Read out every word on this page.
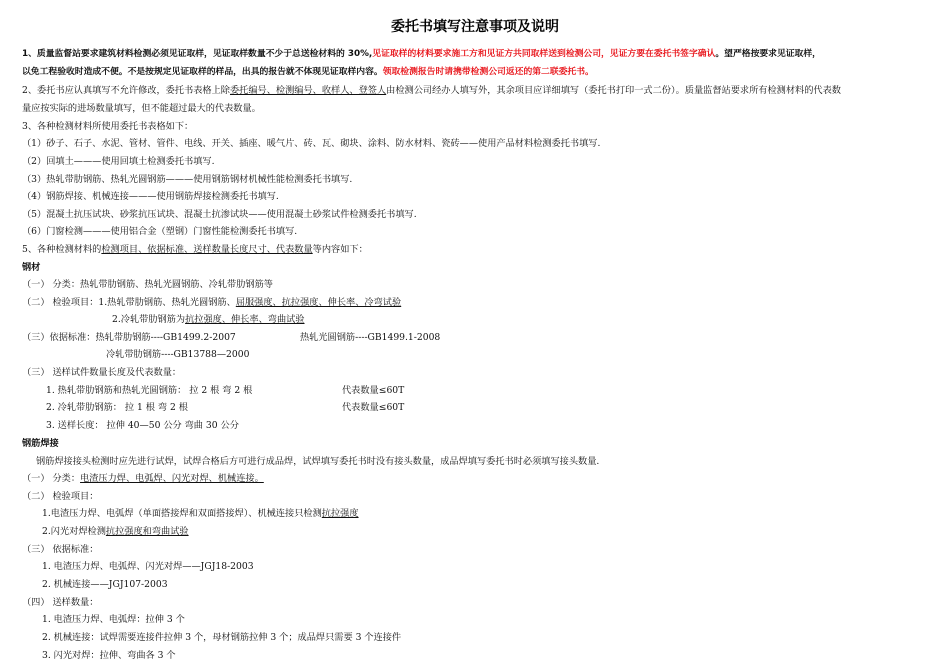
委托书填写注意事项及说明
1、质量监督站要求建筑材料检测必须见证取样，见证取样数量不少于总送检材料的 30%,见证取样的材料要求施工方和见证方共同取样送到检测公司，见证方要在委托书签字确认。望严格按要求见证取样，
以免工程验收时造成不便。不是按规定见证取样的样品，出具的报告就不体现见证取样内容。领取检测报告时请携带检测公司返还的第二联委托书。
2、委托书应认真填写不允许修改，委托书表格上除委托编号、检测编号、收样人、登签人由检测公司经办人填写外，其余项目应详细填写（委托书打印一式二份）。质量监督站要求所有检测材料的代表数
量应按实际的进场数量填写，但不能超过最大的代表数量。
3、各种检测材料所使用委托书表格如下：
（1）砂子、石子、水泥、管材、管件、电线、开关、插座、暖气片、砖、瓦、砌块、涂料、防水材料、瓷砖——使用产品材料检测委托书填写.
（2）回填土———使用回填土检测委托书填写.
（3）热轧带肋钢筋、热轧光圆钢筋———使用钢筋钢材机械性能检测委托书填写.
（4）钢筋焊接、机械连接———使用钢筋焊接检测委托书填写.
（5）混凝土抗压试块、砂浆抗压试块、混凝土抗渗试块——使用混凝土砂浆试件检测委托书填写.
（6）门窗检测———使用铝合金（塑钢）门窗性能检测委托书填写.
5、各种检测材料的检测项目、依据标准、送样数量长度尺寸、代表数量等内容如下：
钢材
（一） 分类：热轧带肋钢筋、热轧光圆钢筋、冷轧带肋钢筋等
（二） 检验项目：1.热轧带肋钢筋、热轧光圆钢筋、屈服强度、抗拉强度、伸长率、冷弯试验
2.冷轧带肋钢筋为抗拉强度、伸长率、弯曲试验
（三）依据标准：热轧带肋钢筋----GB1499.2-2007	热轧光圆钢筋----GB1499.1-2008
冷轧带肋钢筋----GB13788—2000
（三） 送样试件数量长度及代表数量：
1. 热轧带肋钢筋和热轧光圆钢筋： 拉 2 根 弯 2 根	代表数量≤60T
2. 冷轧带肋钢筋： 拉 1 根 弯 2 根	代表数量≤60T
3. 送样长度： 拉伸 40—50 公分 弯曲 30 公分
钢筋焊接
钢筋焊接接头检测时应先进行试焊，试焊合格后方可进行成品焊，试焊填写委托书时没有接头数量，成品焊填写委托书时必须填写接头数量.
（一） 分类：电渣压力焊、电弧焊、闪光对焊、机械连接。
（二） 检验项目：
1.电渣压力焊、电弧焊（单面搭接焊和双面搭接焊）、机械连接只检测抗拉强度
2.闪光对焊检测抗拉强度和弯曲试验
（三） 依据标准：
1. 电渣压力焊、电弧焊、闪光对焊——JGJ18-2003
2. 机械连接——JGJ107-2003
（四） 送样数量：
1. 电渣压力焊、电弧焊：拉伸 3 个
2. 机械连接：试焊需要连接件拉伸 3 个，母材钢筋拉伸 3 个；成品焊只需要 3 个连接件
3. 闪光对焊：拉伸、弯曲各 3 个
